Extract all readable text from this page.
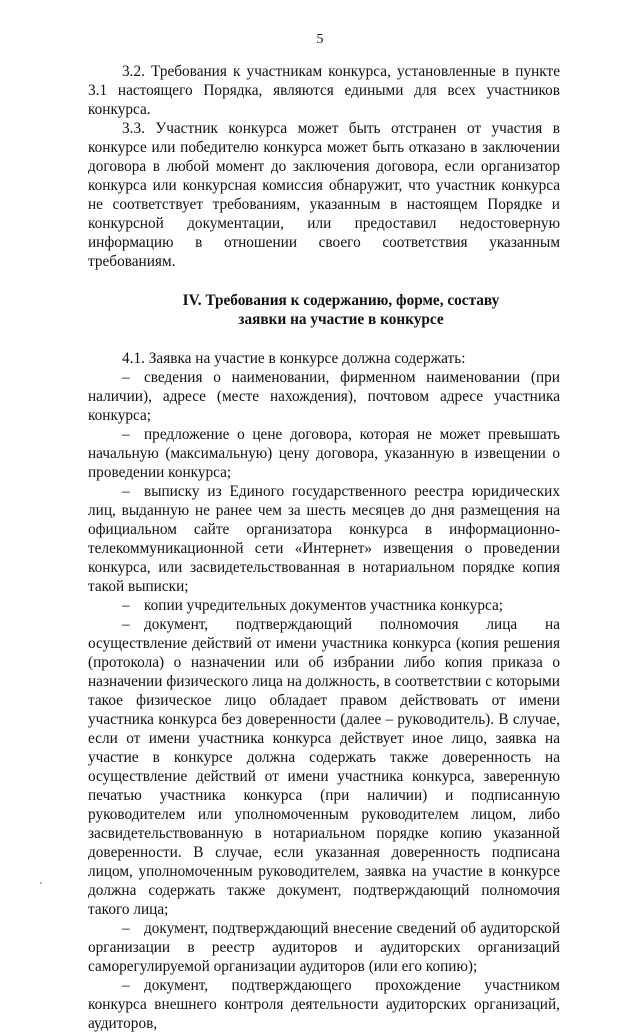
5

3.2. Требования к участникам конкурса, установленные в пункте 3.1 настоящего Порядка, являются едиными для всех участников конкурса.

3.3. Участник конкурса может быть отстранен от участия в конкурсе или победителю конкурса может быть отказано в заключении договора в любой момент до заключения договора, если организатор конкурса или конкурсная комиссия обнаружит, что участник конкурса не соответствует требованиям, указанным в настоящем Порядке и конкурсной документации, или предоставил недостоверную информацию в отношении своего соответствия указанным требованиям.

IV. Требования к содержанию, форме, составу
заявки на участие в конкурсе

4.1. Заявка на участие в конкурсе должна содержать:

– сведения о наименовании, фирменном наименовании (при наличии), адресе (месте нахождения), почтовом адресе участника конкурса;

– предложение о цене договора, которая не может превышать начальную (максимальную) цену договора, указанную в извещении о проведении конкурса;

– выписку из Единого государственного реестра юридических лиц, выданную не ранее чем за шесть месяцев до дня размещения на официальном сайте организатора конкурса в информационно-телекоммуникационной сети «Интернет» извещения о проведении конкурса, или засвидетельствованная в нотариальном порядке копия такой выписки;

– копии учредительных документов участника конкурса;

– документ, подтверждающий полномочия лица на осуществление действий от имени участника конкурса (копия решения (протокола) о назначении или об избрании либо копия приказа о назначении физического лица на должность, в соответствии с которыми такое физическое лицо обладает правом действовать от имени участника конкурса без доверенности (далее – руководитель). В случае, если от имени участника конкурса действует иное лицо, заявка на участие в конкурсе должна содержать также доверенность на осуществление действий от имени участника конкурса, заверенную печатью участника конкурса (при наличии) и подписанную руководителем или уполномоченным руководителем лицом, либо засвидетельствованную в нотариальном порядке копию указанной доверенности. В случае, если указанная доверенность подписана лицом, уполномоченным руководителем, заявка на участие в конкурсе должна содержать также документ, подтверждающий полномочия такого лица;

– документ, подтверждающий внесение сведений об аудиторской организации в реестр аудиторов и аудиторских организаций саморегулируемой организации аудиторов (или его копию);

– документ, подтверждающего прохождение участником конкурса внешнего контроля деятельности аудиторских организаций, аудиторов,
